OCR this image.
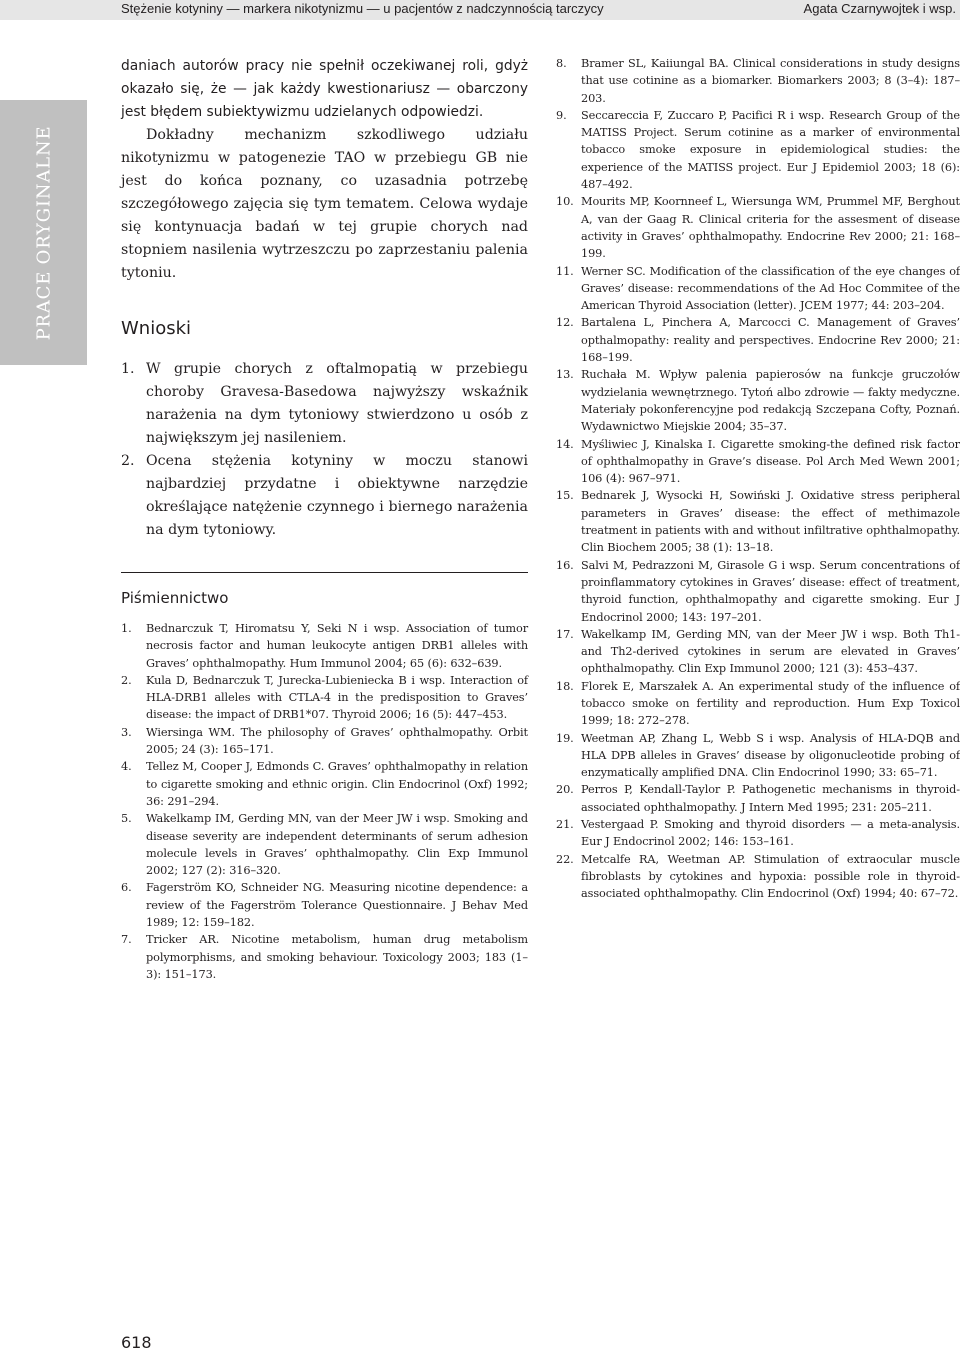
Stężenie kotyniny — markera nikotynizmu — u pacjentów z nadczynnością tarczycy	Agata Czarnywojtek i wsp.
PRACE ORYGINALNE

daniach autorów pracy nie spełnił oczekiwanej roli, gdyż okazało się, że — jak każdy kwestionariusz — obarczony jest błędem subiektywizmu udzielanych odpowiedzi.

Dokładny mechanizm szkodliwego udziału nikotynizmu w patogenezie TAO w przebiegu GB nie jest do końca poznany, co uzasadnia potrzebę szczegółowego zajęcia się tym tematem. Celowa wydaje się kontynuacja badań w tej grupie chorych nad stopniem nasilenia wytrzeszczu po zaprzestaniu palenia tytoniu.

Wnioski
1. W grupie chorych z oftalmopatią w przebiegu choroby Gravesa-Basedowa najwyższy wskaźnik narażenia na dym tytoniowy stwierdzono u osób z największym jej nasileniem.
2. Ocena stężenia kotyniny w moczu stanowi najbardziej przydatne i obiektywne narzędzie określające natężenie czynnego i biernego narażenia na dym tytoniowy.
Piśmiennictwo
1. Bednarczuk T, Hiromatsu Y, Seki N i wsp. Association of tumor necrosis factor and human leukocyte antigen DRB1 alleles with Graves’ ophthalmopathy. Hum Immunol 2004; 65 (6): 632–639.
2. Kula D, Bednarczuk T, Jurecka-Lubieniecka B i wsp. Interaction of HLA-DRB1 alleles with CTLA-4 in the predisposition to Graves’ disease: the impact of DRB1*07. Thyroid 2006; 16 (5): 447–453.
3. Wiersinga WM. The philosophy of Graves’ ophthalmopathy. Orbit 2005; 24 (3): 165–171.
4. Tellez M, Cooper J, Edmonds C. Graves’ ophthalmopathy in relation to cigarette smoking and ethnic origin. Clin Endocrinol (Oxf) 1992; 36: 291–294.
5. Wakelkamp IM, Gerding MN, van der Meer JW i wsp. Smoking and disease severity are independent determinants of serum adhesion molecule levels in Graves’ ophthalmopathy. Clin Exp Immunol 2002; 127 (2): 316–320.
6. Fagerström KO, Schneider NG. Measuring nicotine dependence: a review of the Fagerström Tolerance Questionnaire. J Behav Med 1989; 12: 159–182.
7. Tricker AR. Nicotine metabolism, human drug metabolism polymorphisms, and smoking behaviour. Toxicology 2003; 183 (1–3): 151–173.
8. Bramer SL, Kaiiungal BA. Clinical considerations in study designs that use cotinine as a biomarker. Biomarkers 2003; 8 (3–4): 187–203.
9. Seccareccia F, Zuccaro P, Pacifici R i wsp. Research Group of the MATISS Project. Serum cotinine as a marker of environmental tobacco smoke exposure in epidemiological studies: the experience of the MATISS project. Eur J Epidemiol 2003; 18 (6): 487–492.
10. Mourits MP, Koornneef L, Wiersunga WM, Prummel MF, Berghout A, van der Gaag R. Clinical criteria for the assesment of disease activity in Graves’ ophthalmopathy. Endocrine Rev 2000; 21: 168–199.
11. Werner SC. Modification of the classification of the eye changes of Graves’ disease: recommendations of the Ad Hoc Commitee of the American Thyroid Association (letter). JCEM 1977; 44: 203–204.
12. Bartalena L, Pinchera A, Marcocci C. Management of Graves’ opthalmopathy: reality and perspectives. Endocrine Rev 2000; 21: 168–199.
13. Ruchała M. Wpływ palenia papierosów na funkcje gruczołów wydzielania wewnętrznego. Tytoń albo zdrowie — fakty medyczne. Materiały pokonferencyjne pod redakcją Szczepana Cofty, Poznań. Wydawnictwo Miejskie 2004; 35–37.
14. Myśliwiec J, Kinalska I. Cigarette smoking-the defined risk factor of ophthalmopathy in Grave’s disease. Pol Arch Med Wewn 2001; 106 (4): 967–971.
15. Bednarek J, Wysocki H, Sowiński J. Oxidative stress peripheral parameters in Graves’ disease: the effect of methimazole treatment in patients with and without infiltrative ophthalmopathy. Clin Biochem 2005; 38 (1): 13–18.
16. Salvi M, Pedrazzoni M, Girasole G i wsp. Serum concentrations of proinflammatory cytokines in Graves’ disease: effect of treatment, thyroid function, ophthalmopathy and cigarette smoking. Eur J Endocrinol 2000; 143: 197–201.
17. Wakelkamp IM, Gerding MN, van der Meer JW i wsp. Both Th1- and Th2-derived cytokines in serum are elevated in Graves’ ophthalmopathy. Clin Exp Immunol 2000; 121 (3): 453–437.
18. Florek E, Marszałek A. An experimental study of the influence of tobacco smoke on fertility and reproduction. Hum Exp Toxicol 1999; 18: 272–278.
19. Weetman AP, Zhang L, Webb S i wsp. Analysis of HLA-DQB and HLA DPB alleles in Graves’ disease by oligonucleotide probing of enzymatically amplified DNA. Clin Endocrinol 1990; 33: 65–71.
20. Perros P, Kendall-Taylor P. Pathogenetic mechanisms in thyroid-associated ophthalmopathy. J Intern Med 1995; 231: 205–211.
21. Vestergaad P. Smoking and thyroid disorders — a meta-analysis. Eur J Endocrinol 2002; 146: 153–161.
22. Metcalfe RA, Weetman AP. Stimulation of extraocular muscle fibroblasts by cytokines and hypoxia: possible role in thyroid-associated ophthalmopathy. Clin Endocrinol (Oxf) 1994; 40: 67–72.
618
